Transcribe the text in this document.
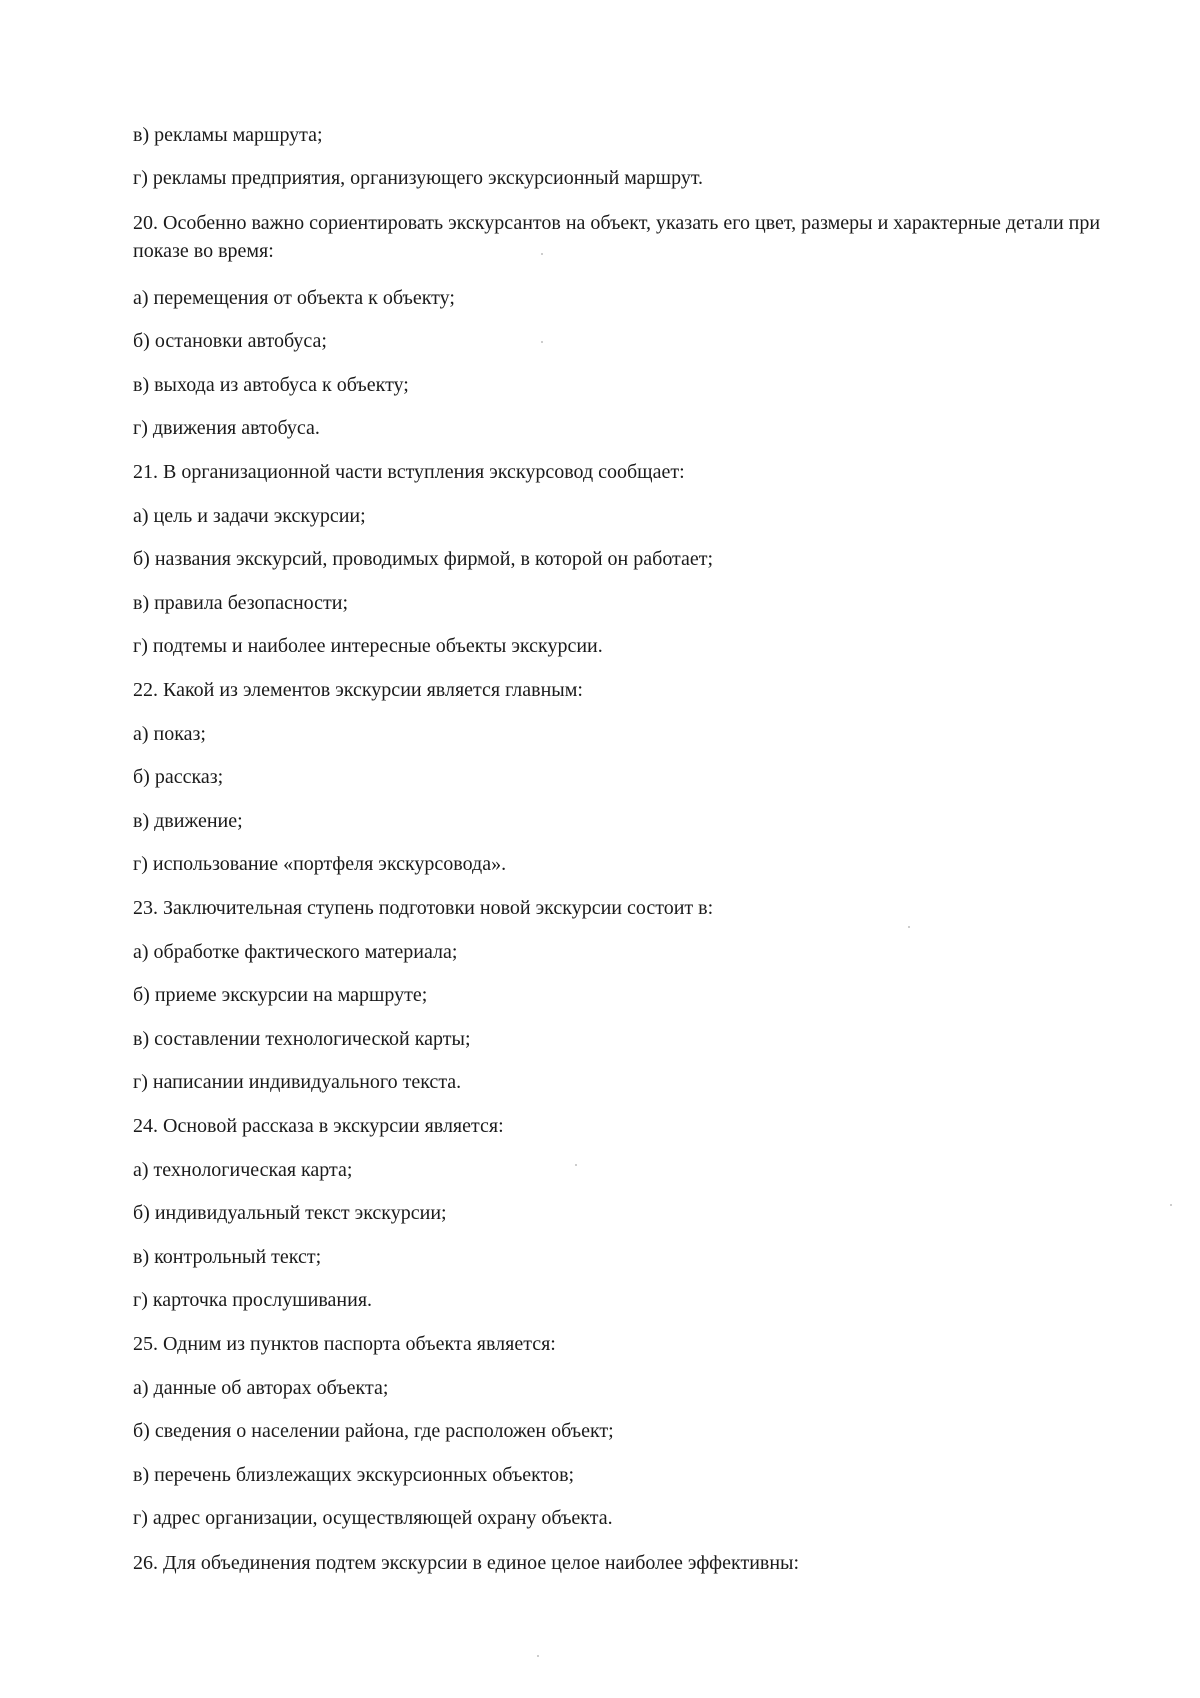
в) рекламы маршрута;
г) рекламы предприятия, организующего экскурсионный маршрут.
20. Особенно важно сориентировать экскурсантов на объект, указать его цвет, размеры и характерные детали при показе во время:
а) перемещения от объекта к объекту;
б) остановки автобуса;
в) выхода из автобуса к объекту;
г) движения автобуса.
21. В организационной части вступления экскурсовод сообщает:
а) цель и задачи экскурсии;
б) названия экскурсий, проводимых фирмой, в которой он работает;
в) правила безопасности;
г) подтемы и наиболее интересные объекты экскурсии.
22. Какой из элементов экскурсии является главным:
а) показ;
б) рассказ;
в) движение;
г) использование «портфеля экскурсовода».
23. Заключительная ступень подготовки новой экскурсии состоит в:
а) обработке фактического материала;
б) приеме экскурсии на маршруте;
в) составлении технологической карты;
г) написании индивидуального текста.
24. Основой рассказа в экскурсии является:
а) технологическая карта;
б) индивидуальный текст экскурсии;
в) контрольный текст;
г) карточка прослушивания.
25. Одним из пунктов паспорта объекта является:
а) данные об авторах объекта;
б) сведения о населении района, где расположен объект;
в) перечень близлежащих экскурсионных объектов;
г) адрес организации, осуществляющей охрану объекта.
26. Для объединения подтем экскурсии в единое целое наиболее эффективны:
